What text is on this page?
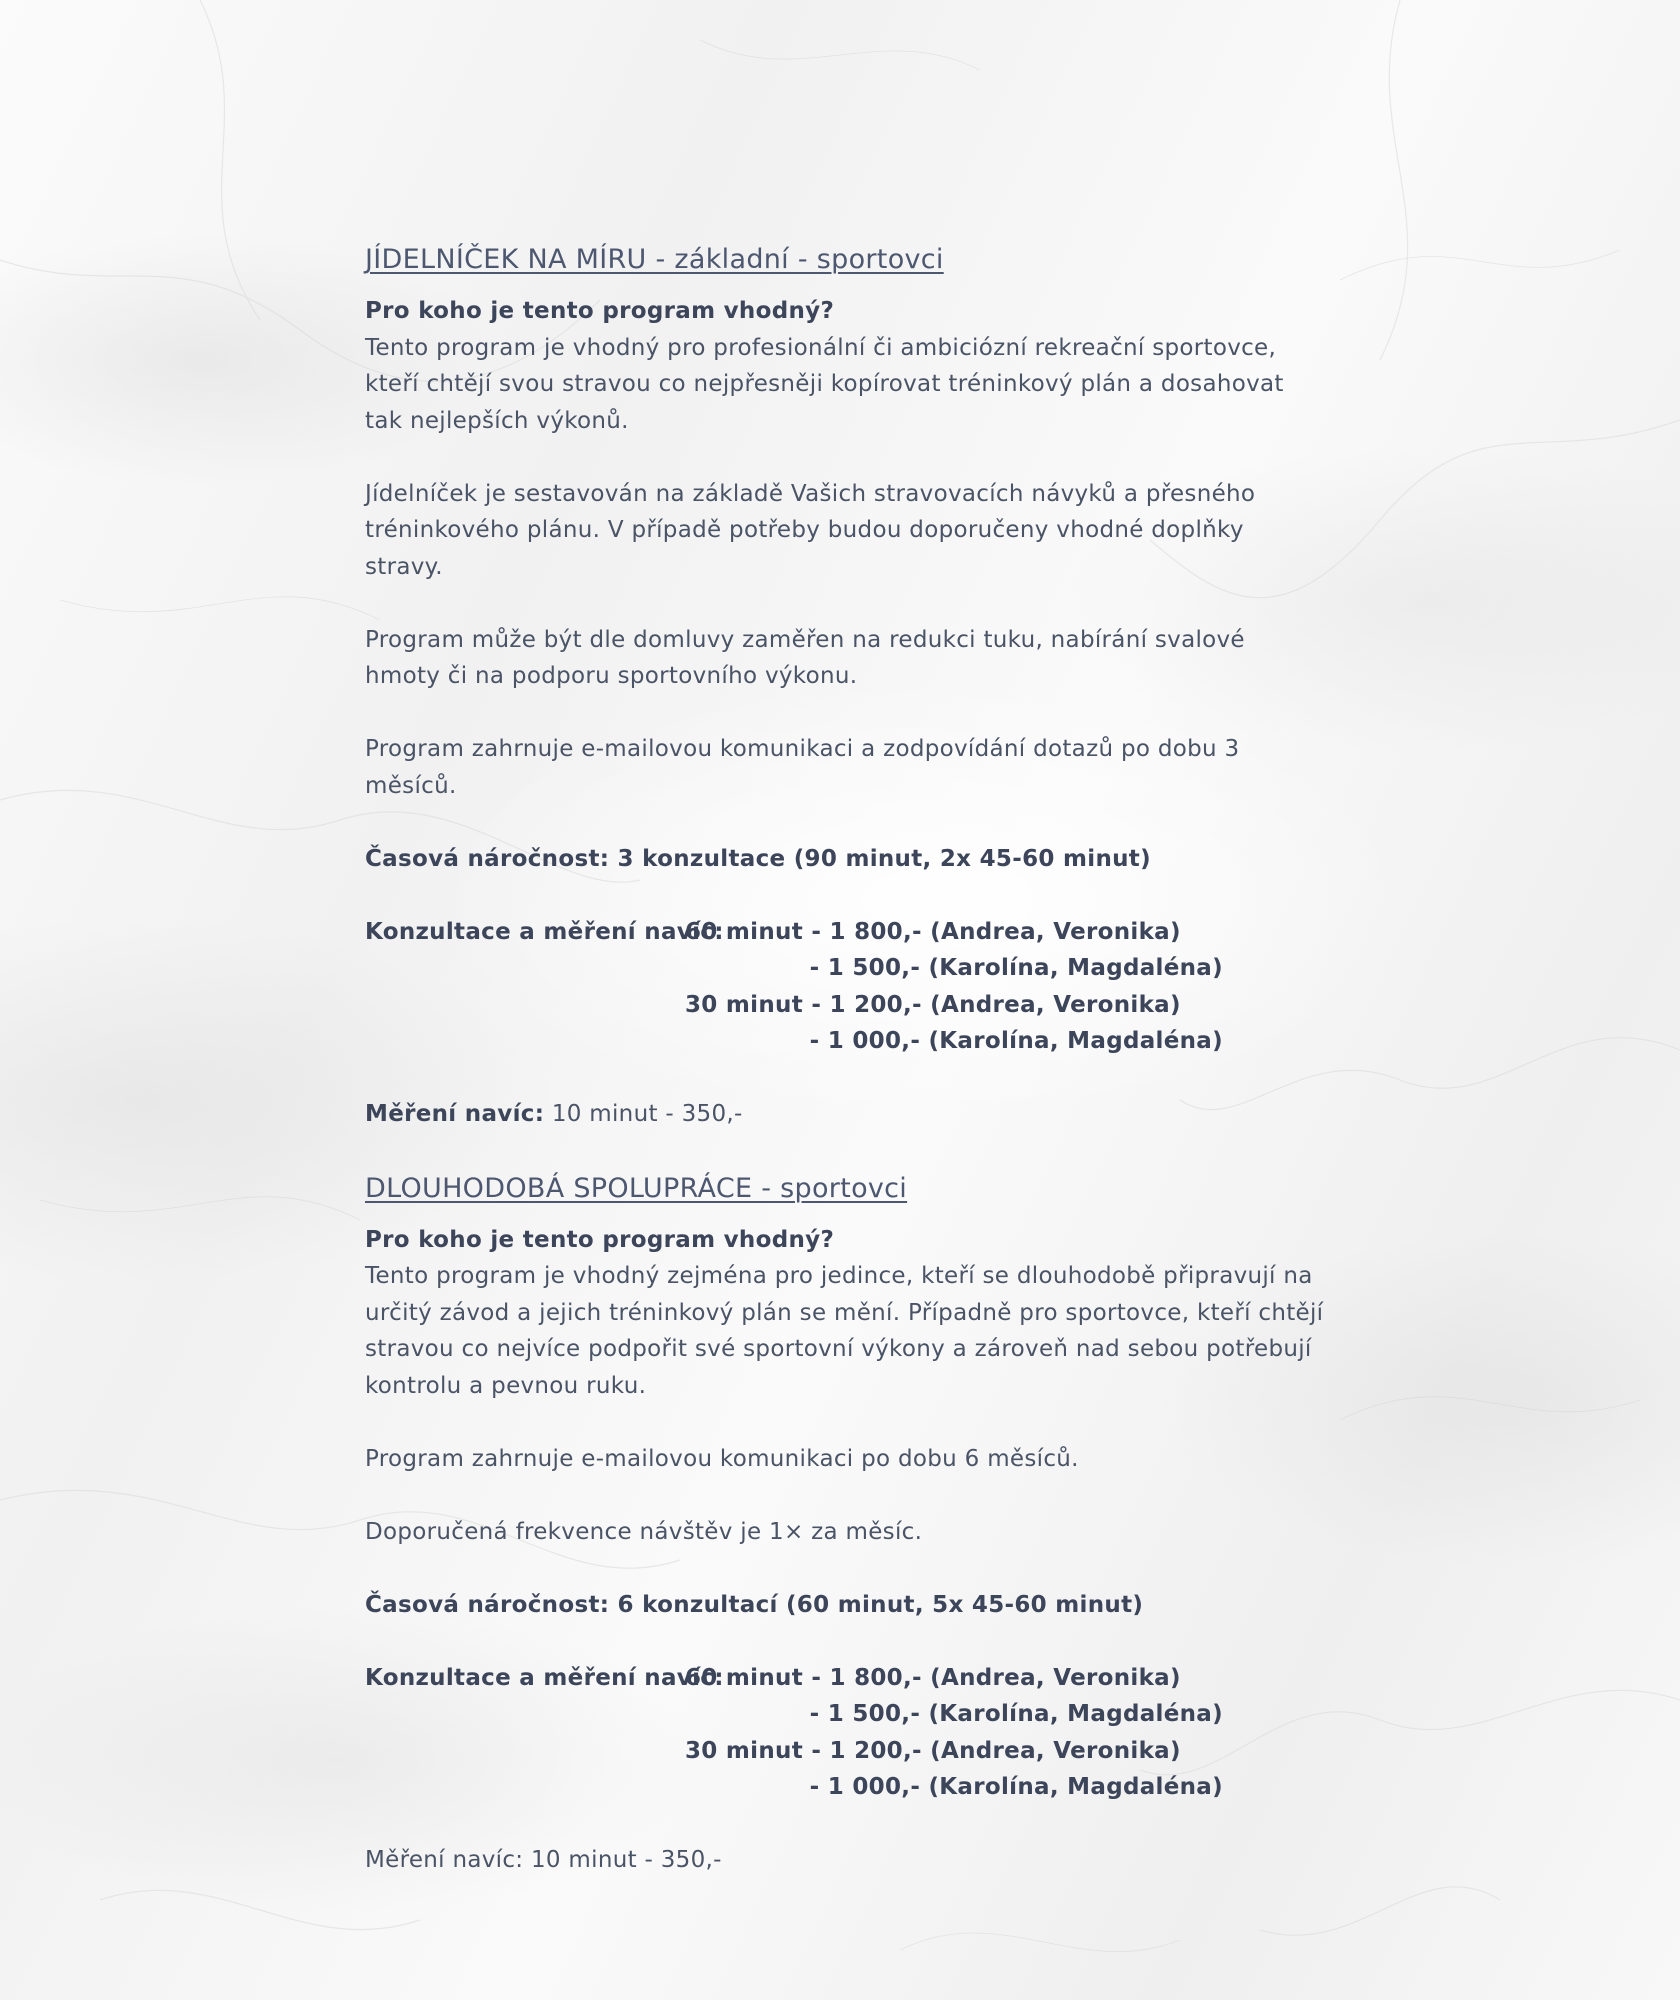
JÍDELNÍČEK NA MÍRU - základní - sportovci
Pro koho je tento program vhodný?

Tento program je vhodný pro profesionální či ambiciózní rekreační sportovce, kteří chtějí svou stravou co nejpřesněji kopírovat tréninkový plán a dosahovat tak nejlepších výkonů.

Jídelníček je sestavován na základě Vašich stravovacích návyků a přesného tréninkového plánu. V případě potřeby budou doporučeny vhodné doplňky stravy.

Program může být dle domluvy zaměřen na redukci tuku, nabírání svalové hmoty či na podporu sportovního výkonu.

Program zahrnuje e-mailovou komunikaci a zodpovídání dotazů po dobu 3 měsíců.

Časová náročnost: 3 konzultace (90 minut, 2x 45-60 minut)

Konzultace a měření navíc:
60 minut - 1 800,- (Andrea, Veronika)
- 1 500,- (Karolína, Magdaléna)
30 minut - 1 200,- (Andrea, Veronika)
- 1 000,- (Karolína, Magdaléna)
Měření navíc: 10 minut - 350,-
DLOUHODOBÁ SPOLUPRÁCE - sportovci
Pro koho je tento program vhodný?

Tento program je vhodný zejména pro jedince, kteří se dlouhodobě připravují na určitý závod a jejich tréninkový plán se mění. Případně pro sportovce, kteří chtějí stravou co nejvíce podpořit své sportovní výkony a zároveň nad sebou potřebují kontrolu a pevnou ruku.

Program zahrnuje e-mailovou komunikaci po dobu 6 měsíců.

Doporučená frekvence návštěv je 1× za měsíc.

Časová náročnost: 6 konzultací (60 minut, 5x 45-60 minut)

Konzultace a měření navíc:
60 minut - 1 800,- (Andrea, Veronika)
- 1 500,- (Karolína, Magdaléna)
30 minut - 1 200,- (Andrea, Veronika)
- 1 000,- (Karolína, Magdaléna)
Měření navíc: 10 minut - 350,-
